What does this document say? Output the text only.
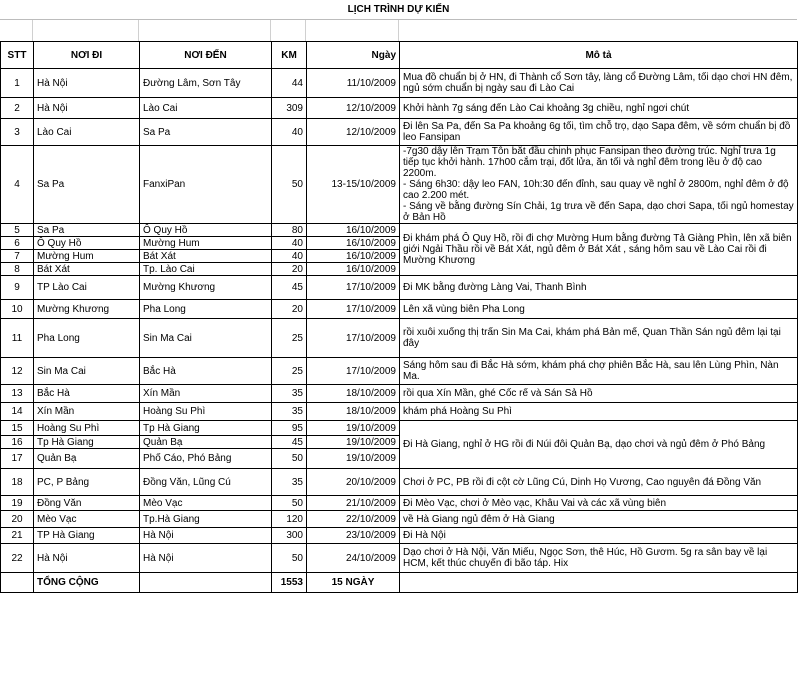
LỊCH TRÌNH DỰ KIẾN
STT	NƠI ĐI	NƠI ĐẾN	KM	Ngày	Mô tả
1	Hà Nội	Đường Lâm, Sơn Tây	44	11/10/2009	Mua đồ chuẩn bị ở HN, đi Thành cổ Sơn tây, làng cổ Đường Lâm, tối dạo chơi HN đêm, ngủ sớm chuẩn bị ngày sau đi Lào Cai
2	Hà Nội	Lào Cai	309	12/10/2009	Khởi hành 7g sáng đến Lào Cai khoảng 3g chiều, nghỉ ngơi chút
3	Lào Cai	Sa Pa	40	12/10/2009	Đi lên Sa Pa, đến Sa Pa khoảng 6g tối, tìm chỗ trọ, dạo Sapa đêm, về sớm chuẩn bị đồ leo Fansipan
4	Sa Pa	FanxiPan	50	13-15/10/2009	-7g30 dậy lên Trạm Tôn bắt đầu chinh phục Fansipan theo đường trúc. Nghỉ trưa 1g tiếp tục khởi hành. 17h00 cắm trại, đốt lửa, ăn tối và nghỉ đêm trong lều ở độ cao 2200m.
- Sáng 6h30: dậy leo FAN, 10h:30 đến đỉnh, sau quay về nghỉ ở 2800m, nghỉ đêm ở độ cao 2.200 mét.
- Sáng về bằng đường Sín Chải, 1g trưa về đến Sapa, dạo chơi Sapa, tối ngủ homestay ở Bản Hồ
5	Sa Pa	Ô Quy Hồ	80	16/10/2009	Đi khám phá Ô Quy Hồ, rồi đi chợ Mường Hum bằng đường Tả Giàng Phìn, lên xã biên giới Ngải Thầu rồi về Bát Xát, ngủ đêm ở Bát Xát , sáng hôm sau về Lào Cai rồi đi Mường Khương
6	Ô Quy Hồ	Mường Hum	40	16/10/2009	
7	Mường Hum	Bát Xát	40	16/10/2009	
8	Bát Xát	Tp. Lào Cai	20	16/10/2009	
9	TP Lào Cai	Mường Khương	45	17/10/2009	Đi MK bằng đường Làng Vai, Thanh Bình
10	Mường Khương	Pha Long	20	17/10/2009	Lên xã vùng biên Pha Long
11	Pha Long	Sin Ma Cai	25	17/10/2009	rồi xuôi xuống thị trấn Sin Ma Cai, khám phá Bản mế, Quan Thần Sán ngủ đêm lại tại đây
12	Sin Ma Cai	Bắc Hà	25	17/10/2009	Sáng hôm sau đi Bắc Hà sớm, khám phá chợ phiên Bắc Hà, sau lên Lùng Phìn, Nàn Ma.
13	Bắc Hà	Xín Mần	35	18/10/2009	rồi qua Xín Mần, ghé Cốc rế và Sán Sả Hồ
14	Xín Mần	Hoàng Su Phì	35	18/10/2009	khám phá Hoàng Su Phì
15	Hoàng Su Phì	Tp Hà Giang	95	19/10/2009	Đi Hà Giang, nghỉ ở HG rồi đi Núi đôi Quản Bạ, dạo chơi và ngủ đêm ở Phó Bảng
16	Tp Hà Giang	Quản Bạ	45	19/10/2009	
17	Quản Bạ	Phố Cáo, Phó Bảng	50	19/10/2009	
18	PC, P Bảng	Đồng Văn, Lũng Cú	35	20/10/2009	Chơi ở PC, PB rồi đi cột cờ Lũng Cú, Dinh Họ Vương, Cao nguyên đá Đồng Văn
19	Đồng Văn	Mèo Vạc	50	21/10/2009	Đi Mèo Vạc, chơi ở Mèo vạc, Khâu Vai và các xã vùng biên
20	Mèo Vạc	Tp.Hà Giang	120	22/10/2009	về Hà Giang ngủ đêm ở Hà Giang
21	TP Hà Giang	Hà Nội	300	23/10/2009	Đi Hà Nội
22	Hà Nội	Hà Nội	50	24/10/2009	Dạo chơi ở Hà Nội, Văn Miếu, Ngọc Sơn, thê Húc, Hồ Gươm. 5g ra sân bay về lại HCM, kết thúc chuyến đi bão táp. Hix
	TỔNG CỘNG		1553	15 NGÀY	
